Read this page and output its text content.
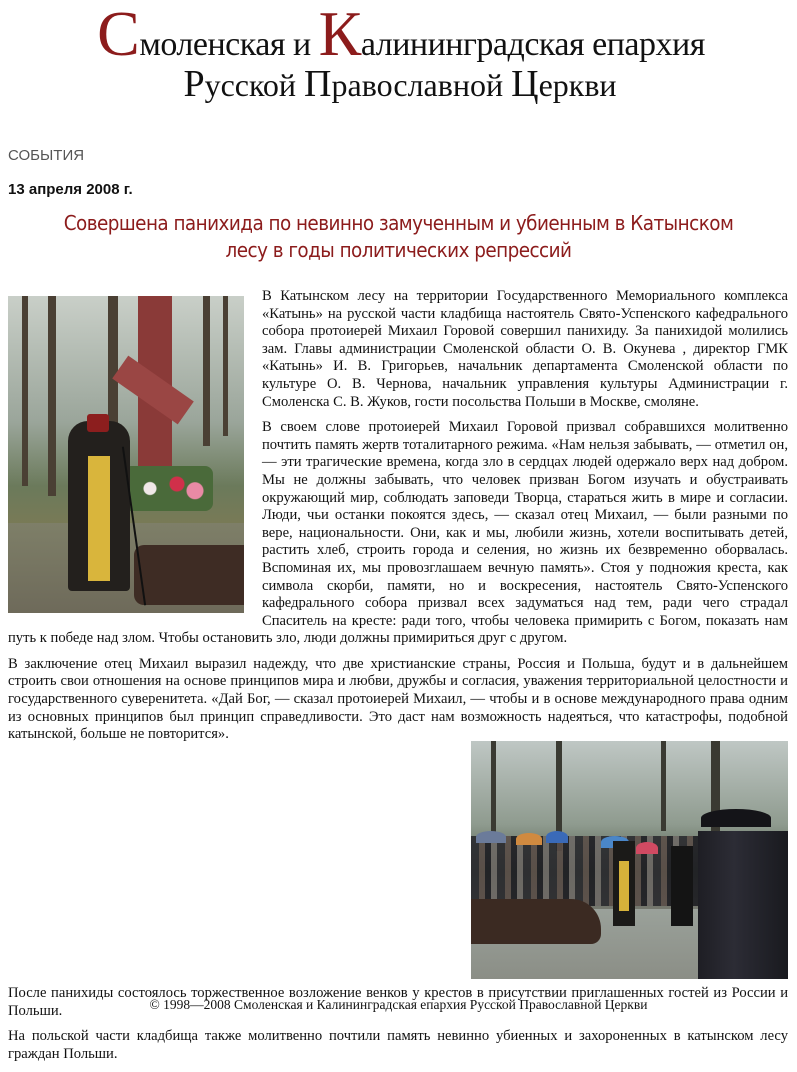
Смоленская и Калининградская епархия
Русской Православной Церкви
СОБЫТИЯ
13 апреля 2008 г.
Совершена панихида по невинно замученным и убиенным в Катынском
лесу в годы политических репрессий

В Катынском лесу на территории Государственного Мемориального комплекса «Катынь» на русской части кладбища настоятель Свято-Успенского кафедрального собора протоиерей Михаил Горовой совершил панихиду. За панихидой молились зам. Главы администрации Смоленской области О. В. Окунева , директор ГМК «Катынь» И. В. Григорьев, начальник департамента Смоленской области по культуре О. В. Чернова, начальник управления культуры Администрации г. Смоленска С. В. Жуков, гости посольства Польши в Москве, смоляне.

В своем слове протоиерей Михаил Горовой призвал собравшихся молитвенно почтить память жертв тоталитарного режима. «Нам нельзя забывать, — отметил он, — эти трагические времена, когда зло в сердцах людей одержало верх над добром. Мы не должны забывать, что человек призван Богом изучать и обустраивать окружающий мир, соблюдать заповеди Творца, стараться жить в мире и согласии. Люди, чьи останки покоятся здесь, — сказал отец Михаил, — были разными по вере, национальности. Они, как и мы, любили жизнь, хотели воспитывать детей, растить хлеб, строить города и селения, но жизнь их безвременно оборвалась. Вспоминая их, мы провозглашаем вечную память». Стоя у подножия креста, как символа скорби, памяти, но и воскресения, настоятель Свято-Успенского кафедрального собора призвал всех задуматься над тем, ради чего страдал Спаситель на кресте: ради того, чтобы человека примирить с Богом, показать нам путь к победе над злом. Чтобы остановить зло, люди должны примириться друг с другом.

В заключение отец Михаил выразил надежду, что две христианские страны, Россия и Польша, будут и в дальнейшем строить свои отношения на основе принципов мира и любви, дружбы и согласия, уважения территориальной целостности и государственного суверенитета. «Дай Бог, — сказал протоиерей Михаил, — чтобы и в основе международного права одним из основных принципов был принцип справедливости. Это даст нам возможность надеяться, что катастрофы, подобной катынской, больше не повторится».

После панихиды состоялось торжественное возложение венков у крестов в присутствии приглашенных гостей из России и Польши.

На польской части кладбища также молитвенно почтили память невинно убиенных и захороненных в катынском лесу граждан Польши.

© 1998—2008 Смоленская и Калининградская епархия Русской Православной Церкви
